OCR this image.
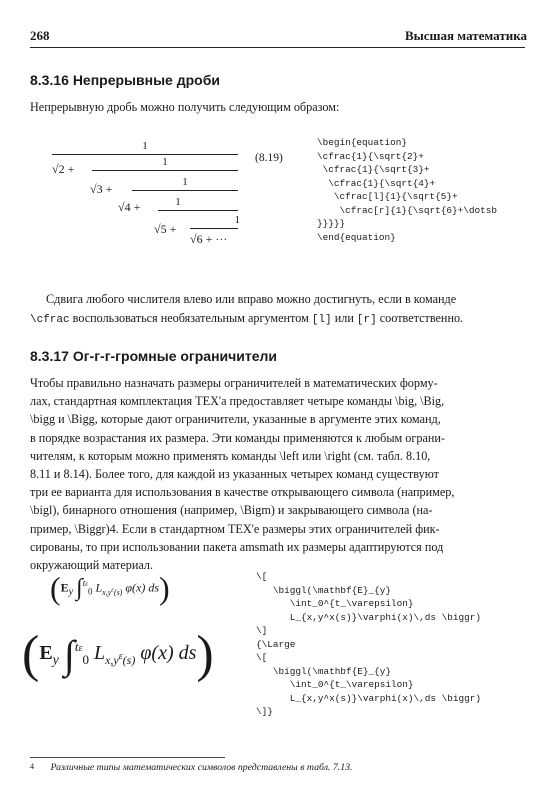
268	Высшая математика
8.3.16 Непрерывные дроби
Непрерывную дробь можно получить следующим образом:
1
√2 +	1
√3 +	1
√4 +	1
1
√5 +
√6 + ···
(8.19)
\begin{equation}
\cfrac{1}{\sqrt{2}+
\cfrac{1}{\sqrt{3}+
\cfrac{1}{\sqrt{4}+
\cfrac[l]{1}{\sqrt{5}+
\cfrac[r]{1}{\sqrt{6}+\dotsb
}}}}}
\end{equation}
Сдвига любого числителя влево или вправо можно достигнуть, если в команде
\cfrac воспользоваться необязательным аргументом [l] или [r] соответственно.
8.3.17 Ог-г-г-громные ограничители
Чтобы правильно назначать размеры ограничителей в математических форму-
лах, стандартная комплектация TEX'а предоставляет четыре команды \big, \Big,
\bigg и \Bigg, которые дают ограничители, указанные в аргументе этих команд,
в порядке возрастания их размера. Эти команды применяются к любым ограни-
чителям, к которым можно применять команды \left или \right (см. табл. 8.10,
8.11 и 8.14). Более того, для каждой из указанных четырех команд существуют
три ее варианта для использования в качестве открывающего символа (например,
\bigl), бинарного отношения (например, \Bigm) и закрывающего символа (на-
пример, \Biggr)4. Если в стандартном TEX'е размеры этих ограничителей фик-
сированы, то при использовании пакета amsmath их размеры адаптируются под
окружающий материал.
($E_y$ ∫$^{t\varepsilon}_0$ $L_{x,y^\varepsilon(s)}$ φ(x) ds)
($E_y$ ∫$^{t\varepsilon}_0$ $L_{x,y^\varepsilon(s)}$ φ(x) ds)
\[
\biggl(\mathbf{E}_{y}
\int_0^{t_\varepsilon}
L_{x,y^x(s)}\varphi(x)\,ds \biggr)
\]
{\Large
\[
\biggl(\mathbf{E}_{y}
\int_0^{t_\varepsilon}
L_{x,y^x(s)}\varphi(x)\,ds \biggr)
\]}
$^4$ Различные типы математических символов представлены в табл. 7.13.
